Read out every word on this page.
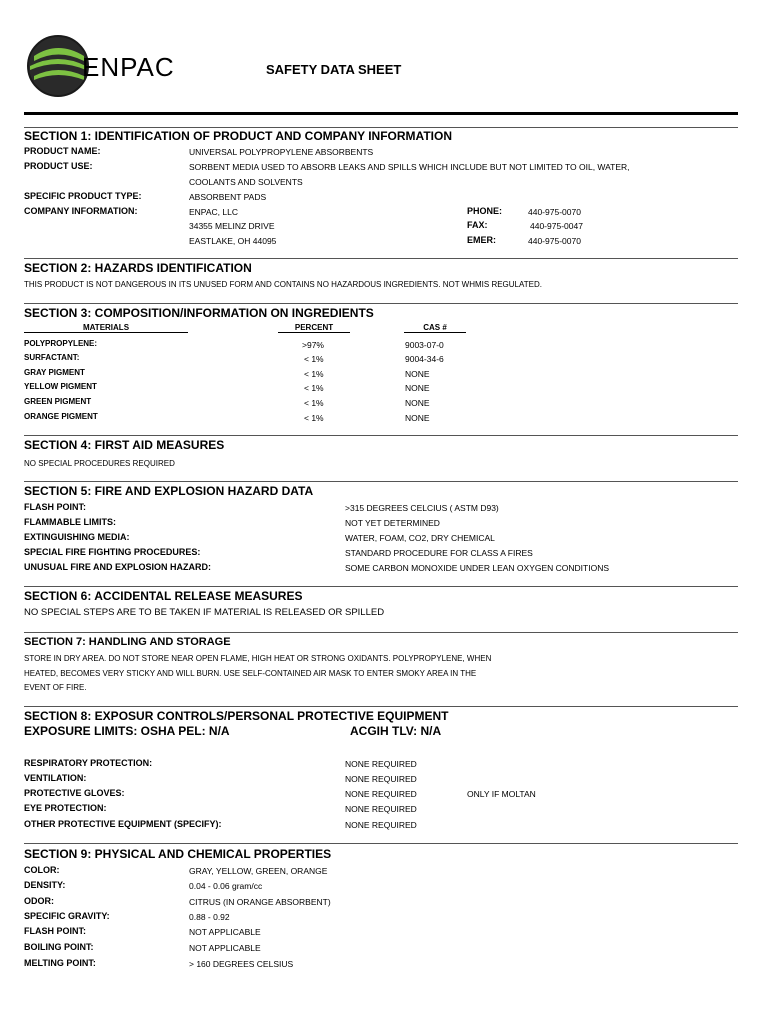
ENPAC	SAFETY DATA SHEET
SECTION 1: IDENTIFICATION OF PRODUCT AND COMPANY INFORMATION
PRODUCT NAME:	UNIVERSAL POLYPROPYLENE ABSORBENTS
PRODUCT USE:	SORBENT MEDIA USED TO ABSORB LEAKS AND SPILLS WHICH INCLUDE BUT NOT LIMITED TO OIL, WATER,
COOLANTS AND SOLVENTS
SPECIFIC PRODUCT TYPE:	ABSORBENT PADS
COMPANY INFORMATION:	ENPAC, LLC
34355 MELINZ DRIVE
EASTLAKE, OH 44095
PHONE:	440-975-0070
FAX:	440-975-0047
EMER:	440-975-0070
SECTION 2: HAZARDS IDENTIFICATION
THIS PRODUCT IS NOT DANGEROUS IN ITS UNUSED FORM AND CONTAINS NO HAZARDOUS INGREDIENTS. NOT WHMIS REGULATED.
SECTION 3: COMPOSITION/INFORMATION ON INGREDIENTS
MATERIALS	PERCENT	CAS #
POLYPROPYLENE:	>97%	9003-07-0
SURFACTANT:	< 1%	9004-34-6
GRAY PIGMENT	< 1%	NONE
YELLOW PIGMENT	< 1%	NONE
GREEN PIGMENT	< 1%	NONE
ORANGE PIGMENT	< 1%	NONE
SECTION 4: FIRST AID MEASURES
NO SPECIAL PROCEDURES REQUIRED
SECTION 5: FIRE AND EXPLOSION HAZARD DATA
FLASH POINT:	>315 DEGREES CELCIUS ( ASTM D93)
FLAMMABLE LIMITS:	NOT YET DETERMINED
EXTINGUISHING MEDIA:	WATER, FOAM, CO2, DRY CHEMICAL
SPECIAL FIRE FIGHTING PROCEDURES:	STANDARD PROCEDURE FOR CLASS A FIRES
UNUSUAL FIRE AND EXPLOSION HAZARD:	SOME CARBON MONOXIDE UNDER LEAN OXYGEN CONDITIONS
SECTION 6: ACCIDENTAL RELEASE MEASURES
NO SPECIAL STEPS ARE TO BE TAKEN IF MATERIAL IS RELEASED OR SPILLED
SECTION 7: HANDLING AND STORAGE
STORE IN DRY AREA. DO NOT STORE NEAR OPEN FLAME, HIGH HEAT OR STRONG OXIDANTS. POLYPROPYLENE, WHEN
HEATED, BECOMES VERY STICKY AND WILL BURN. USE SELF-CONTAINED AIR MASK TO ENTER SMOKY AREA IN THE
EVENT OF FIRE.
SECTION 8: EXPOSUR CONTROLS/PERSONAL PROTECTIVE EQUIPMENT
EXPOSURE LIMITS: OSHA PEL: N/A	ACGIH TLV: N/A
RESPIRATORY PROTECTION:	NONE REQUIRED
VENTILATION:	NONE REQUIRED
PROTECTIVE GLOVES:	NONE REQUIRED	ONLY IF MOLTAN
EYE PROTECTION:	NONE REQUIRED
OTHER PROTECTIVE EQUIPMENT (SPECIFY):	NONE REQUIRED
SECTION 9: PHYSICAL AND CHEMICAL PROPERTIES
COLOR:	GRAY, YELLOW, GREEN, ORANGE
DENSITY:	0.04 - 0.06 gram/cc
ODOR:	CITRUS (IN ORANGE ABSORBENT)
SPECIFIC GRAVITY:	0.88 - 0.92
FLASH POINT:	NOT APPLICABLE
BOILING POINT:	NOT APPLICABLE
MELTING POINT:	> 160 DEGREES CELSIUS
